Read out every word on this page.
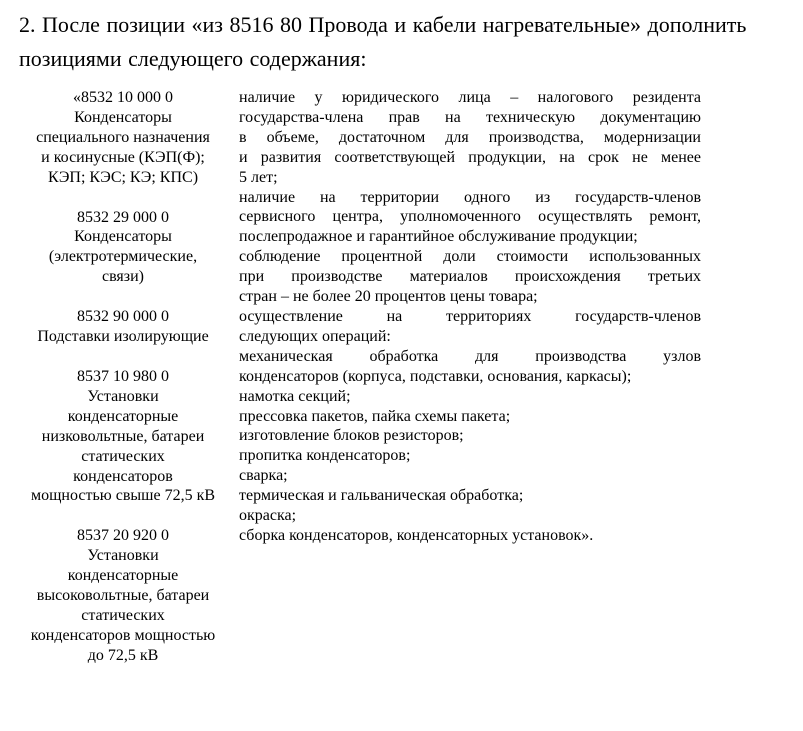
2. После позиции «из 8516 80 Провода и кабели нагревательные» дополнить
позициями следующего содержания:

«8532 10 000 0
Конденсаторы
специального назначения
и косинусные (КЭП(Ф);
КЭП; КЭС; КЭ; КПС)
8532 29 000 0
Конденсаторы
(электротермические,
связи)
8532 90 000 0
Подставки изолирующие
8537 10 980 0
Установки
конденсаторные
низковольтные, батареи
статических
конденсаторов
мощностью свыше 72,5 кВ
8537 20 920 0
Установки
конденсаторные
высоковольтные, батареи
статических
конденсаторов мощностью
до 72,5 кВ
наличие у юридического лица – налогового резидента
государства-члена прав на техническую документацию
в объеме, достаточном для производства, модернизации
и развития соответствующей продукции, на срок не менее
5 лет;
наличие на территории одного из государств-членов
сервисного центра, уполномоченного осуществлять ремонт,
послепродажное и гарантийное обслуживание продукции;
соблюдение процентной доли стоимости использованных
при производстве материалов происхождения третьих
стран – не более 20 процентов цены товара;
осуществление на территориях государств-членов
следующих операций:
механическая обработка для производства узлов
конденсаторов (корпуса, подставки, основания, каркасы);
намотка секций;
прессовка пакетов, пайка схемы пакета;
изготовление блоков резисторов;
пропитка конденсаторов;
сварка;
термическая и гальваническая обработка;
окраска;
сборка конденсаторов, конденсаторных установок».
